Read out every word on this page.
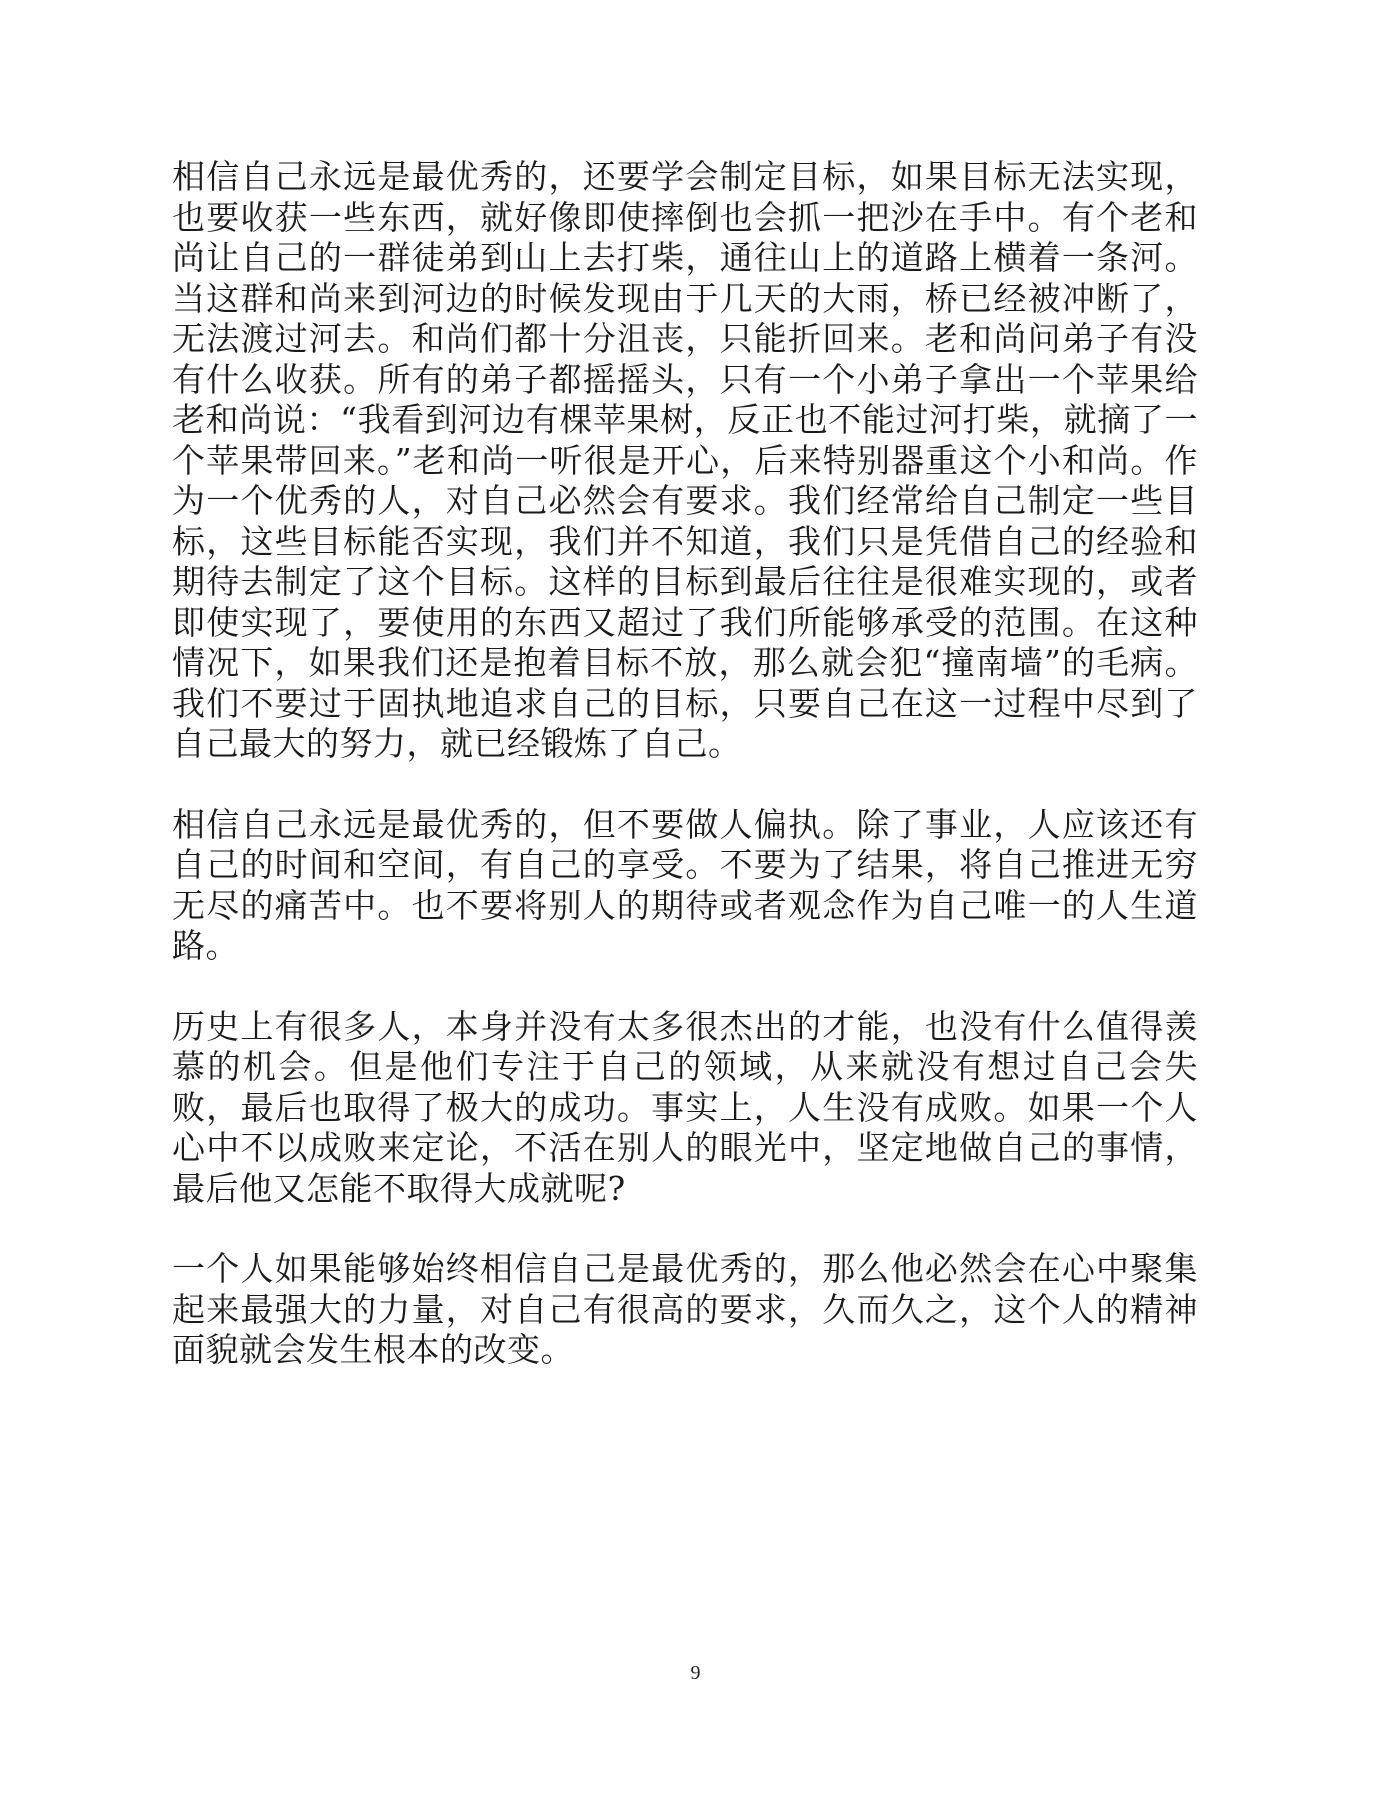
相信自己永远是最优秀的，还要学会制定目标，如果目标无法实现，也要收获一些东西，就好像即使摔倒也会抓一把沙在手中。有个老和尚让自己的一群徒弟到山上去打柴，通往山上的道路上横着一条河。当这群和尚来到河边的时候发现由于几天的大雨，桥已经被冲断了，无法渡过河去。和尚们都十分沮丧，只能折回来。老和尚问弟子有没有什么收获。所有的弟子都摇摇头，只有一个小弟子拿出一个苹果给老和尚说：“我看到河边有棵苹果树，反正也不能过河打柴，就摘了一个苹果带回来。”老和尚一听很是开心，后来特别器重这个小和尚。作为一个优秀的人，对自己必然会有要求。我们经常给自己制定一些目标，这些目标能否实现，我们并不知道，我们只是凭借自己的经验和期待去制定了这个目标。这样的目标到最后往往是很难实现的，或者即使实现了，要使用的东西又超过了我们所能够承受的范围。在这种情况下，如果我们还是抱着目标不放，那么就会犯“撞南墙”的毛病。我们不要过于固执地追求自己的目标，只要自己在这一过程中尽到了自己最大的努力，就已经锻炼了自己。

相信自己永远是最优秀的，但不要做人偏执。除了事业，人应该还有自己的时间和空间，有自己的享受。不要为了结果，将自己推进无穷无尽的痛苦中。也不要将别人的期待或者观念作为自己唯一的人生道路。

历史上有很多人，本身并没有太多很杰出的才能，也没有什么值得羡慕的机会。但是他们专注于自己的领域，从来就没有想过自己会失败，最后也取得了极大的成功。事实上，人生没有成败。如果一个人心中不以成败来定论，不活在别人的眼光中，坚定地做自己的事情，最后他又怎能不取得大成就呢?

一个人如果能够始终相信自己是最优秀的，那么他必然会在心中聚集起来最强大的力量，对自己有很高的要求，久而久之，这个人的精神面貌就会发生根本的改变。

9
